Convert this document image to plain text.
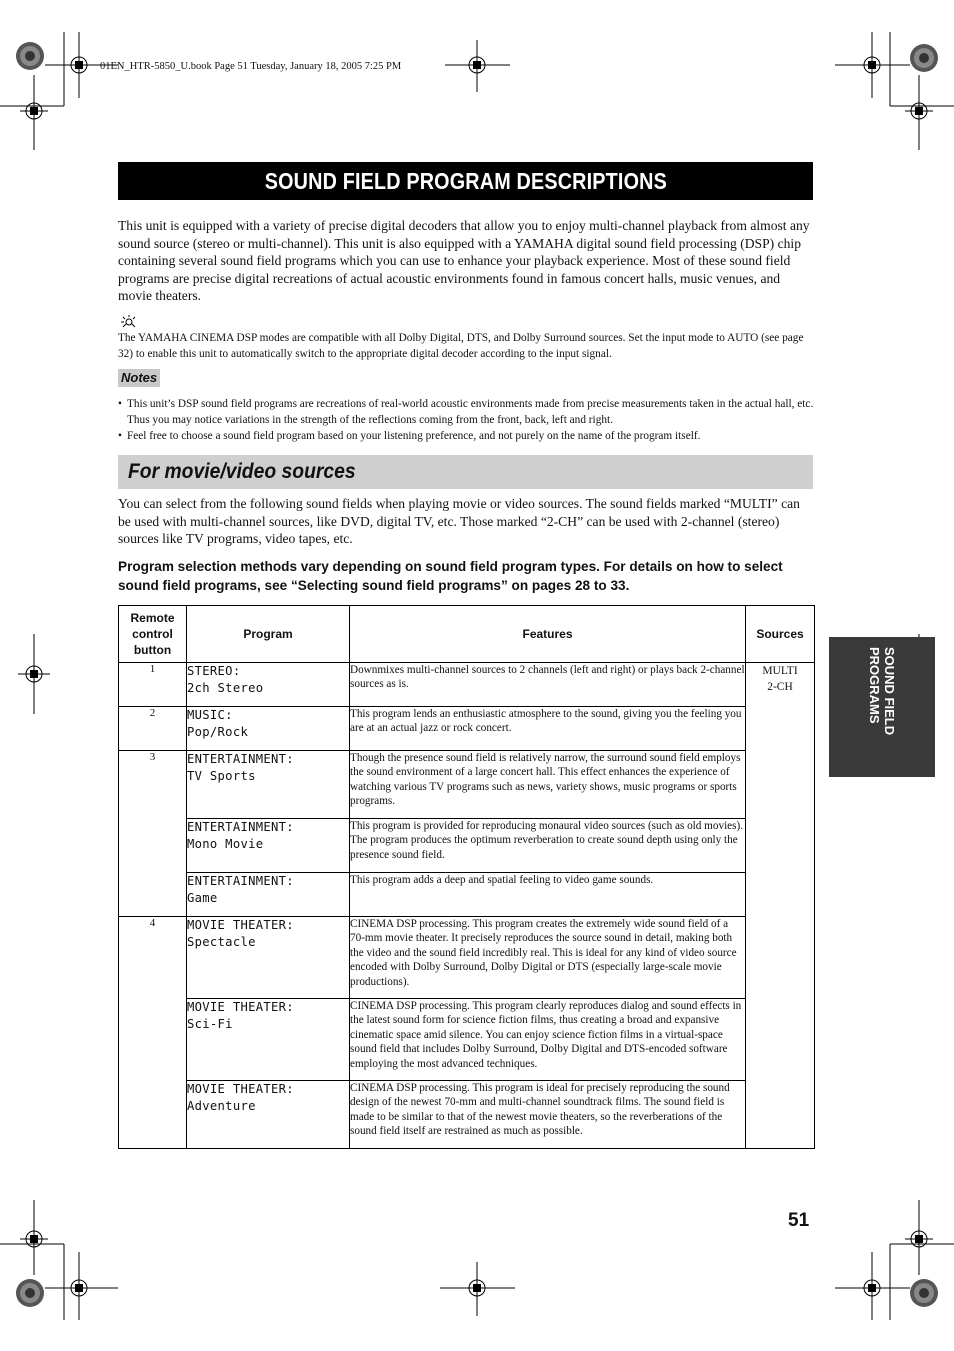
01EN_HTR-5850_U.book Page 51 Tuesday, January 18, 2005 7:25 PM
SOUND FIELD PROGRAM DESCRIPTIONS
This unit is equipped with a variety of precise digital decoders that allow you to enjoy multi-channel playback from almost any sound source (stereo or multi-channel). This unit is also equipped with a YAMAHA digital sound field processing (DSP) chip containing several sound field programs which you can use to enhance your playback experience. Most of these sound field programs are precise digital recreations of actual acoustic environments found in famous concert halls, music venues, and movie theaters.
The YAMAHA CINEMA DSP modes are compatible with all Dolby Digital, DTS, and Dolby Surround sources. Set the input mode to AUTO (see page 32) to enable this unit to automatically switch to the appropriate digital decoder according to the input signal.
Notes
• This unit’s DSP sound field programs are recreations of real-world acoustic environments made from precise measurements taken in the actual hall, etc. Thus you may notice variations in the strength of the reflections coming from the front, back, left and right.
• Feel free to choose a sound field program based on your listening preference, and not purely on the name of the program itself.
For movie/video sources
You can select from the following sound fields when playing movie or video sources. The sound fields marked “MULTI” can be used with multi-channel sources, like DVD, digital TV, etc. Those marked “2-CH” can be used with 2-channel (stereo) sources like TV programs, video tapes, etc.
Program selection methods vary depending on sound field program types. For details on how to select sound field programs, see “Selecting sound field programs” on pages 28 to 33.
Remote
control
button	Program	Features	Sources
1	STEREO:
2ch Stereo	Downmixes multi-channel sources to 2 channels (left and right) or plays back 2-channel sources as is.	MULTI
2-CH
2	MUSIC:
Pop/Rock	This program lends an enthusiastic atmosphere to the sound, giving you the feeling you are at an actual jazz or rock concert.	
3	ENTERTAINMENT:
TV Sports	Though the presence sound field is relatively narrow, the surround sound field employs the sound environment of a large concert hall. This effect enhances the experience of watching various TV programs such as news, variety shows, music programs or sports programs.	
	ENTERTAINMENT:
Mono Movie	This program is provided for reproducing monaural video sources (such as old movies). The program produces the optimum reverberation to create sound depth using only the presence sound field.	
	ENTERTAINMENT:
Game	This program adds a deep and spatial feeling to video game sounds.	
4	MOVIE THEATER:
Spectacle	CINEMA DSP processing. This program creates the extremely wide sound field of a 70-mm movie theater. It precisely reproduces the source sound in detail, making both the video and the sound field incredibly real. This is ideal for any kind of video source encoded with Dolby Surround, Dolby Digital or DTS (especially large-scale movie productions).	
	MOVIE THEATER:
Sci-Fi	CINEMA DSP processing. This program clearly reproduces dialog and sound effects in the latest sound form for science fiction films, thus creating a broad and expansive cinematic space amid silence. You can enjoy science fiction films in a virtual-space sound field that includes Dolby Surround, Dolby Digital and DTS-encoded software employing the most advanced techniques.	
	MOVIE THEATER:
Adventure	CINEMA DSP processing. This program is ideal for precisely reproducing the sound design of the newest 70-mm and multi-channel soundtrack films. The sound field is made to be similar to that of the newest movie theaters, so the reverberations of the sound field itself are restrained as much as possible.	
SOUND FIELD
PROGRAMS
51
